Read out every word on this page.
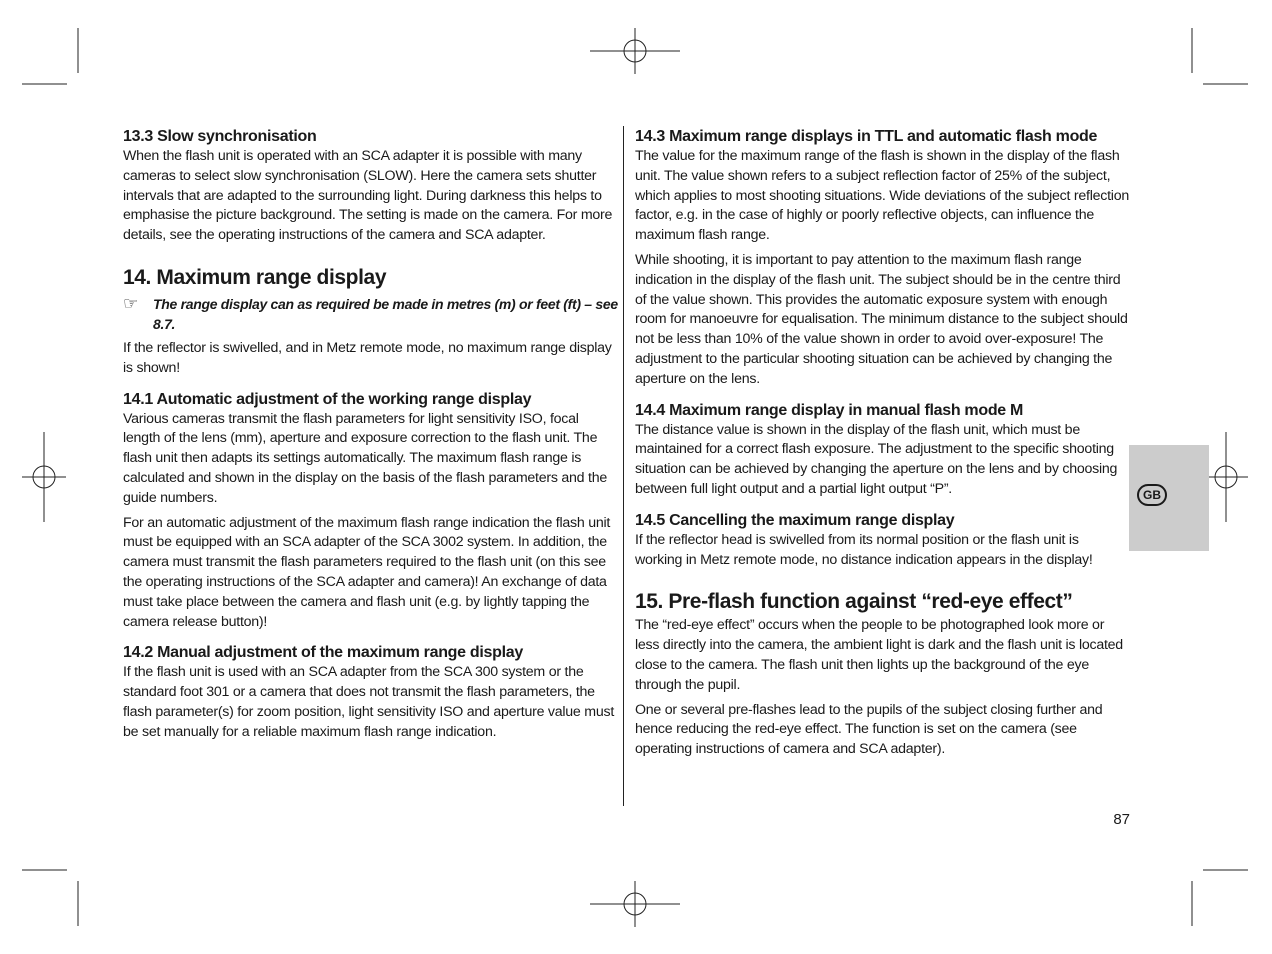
13.3 Slow synchronisation

When the flash unit is operated with an SCA adapter it is possible with many cameras to select slow synchronisation (SLOW). Here the camera sets shutter intervals that are adapted to the surrounding light. During darkness this helps to emphasise the picture background. The setting is made on the camera. For more details, see the operating instructions of the camera and SCA adapter.

14. Maximum range display
☞	The range display can as required be made in metres (m) or feet (ft) – see 8.7.

If the reflector is swivelled, and in Metz remote mode, no maximum range display is shown!

14.1 Automatic adjustment of the working range display

Various cameras transmit the flash parameters for light sensitivity ISO, focal length of the lens (mm), aperture and exposure correction to the flash unit. The flash unit then adapts its settings automatically. The maximum flash range is calculated and shown in the display on the basis of the flash parameters and the guide numbers.

For an automatic adjustment of the maximum flash range indication the flash unit must be equipped with an SCA adapter of the SCA 3002 system. In addition, the camera must transmit the flash parameters required to the flash unit (on this see the operating instructions of the SCA adapter and camera)! An exchange of data must take place between the camera and flash unit (e.g. by lightly tapping the camera release button)!

14.2 Manual adjustment of the maximum range display

If the flash unit is used with an SCA adapter from the SCA 300 system or the standard foot 301 or a camera that does not transmit the flash parameters, the flash parameter(s) for zoom position, light sensitivity ISO and aperture value must be set manually for a reliable maximum flash range indication.

14.3 Maximum range displays in TTL and automatic flash mode

The value for the maximum range of the flash is shown in the display of the flash unit. The value shown refers to a subject reflection factor of 25% of the subject, which applies to most shooting situations. Wide deviations of the subject reflection factor, e.g. in the case of highly or poorly reflective objects, can influence the maximum flash range.

While shooting, it is important to pay attention to the maximum flash range indication in the display of the flash unit. The subject should be in the centre third of the value shown. This provides the automatic exposure system with enough room for manoeuvre for equalisation. The minimum distance to the subject should not be less than 10% of the value shown in order to avoid over-exposure! The adjustment to the particular shooting situation can be achieved by changing the aperture on the lens.

14.4 Maximum range display in manual flash mode M

The distance value is shown in the display of the flash unit, which must be maintained for a correct flash exposure. The adjustment to the specific shooting situation can be achieved by changing the aperture on the lens and by choosing between full light output and a partial light output “P”.

14.5 Cancelling the maximum range display

If the reflector head is swivelled from its normal position or the flash unit is working in Metz remote mode, no distance indication appears in the display!

15. Pre-flash function against “red-eye effect”

The “red-eye effect” occurs when the people to be photographed look more or less directly into the camera, the ambient light is dark and the flash unit is located close to the camera. The flash unit then lights up the background of the eye through the pupil.

One or several pre-flashes lead to the pupils of the subject closing further and hence reducing the red-eye effect. The function is set on the camera (see operating instructions of camera and SCA adapter).

GB
87
